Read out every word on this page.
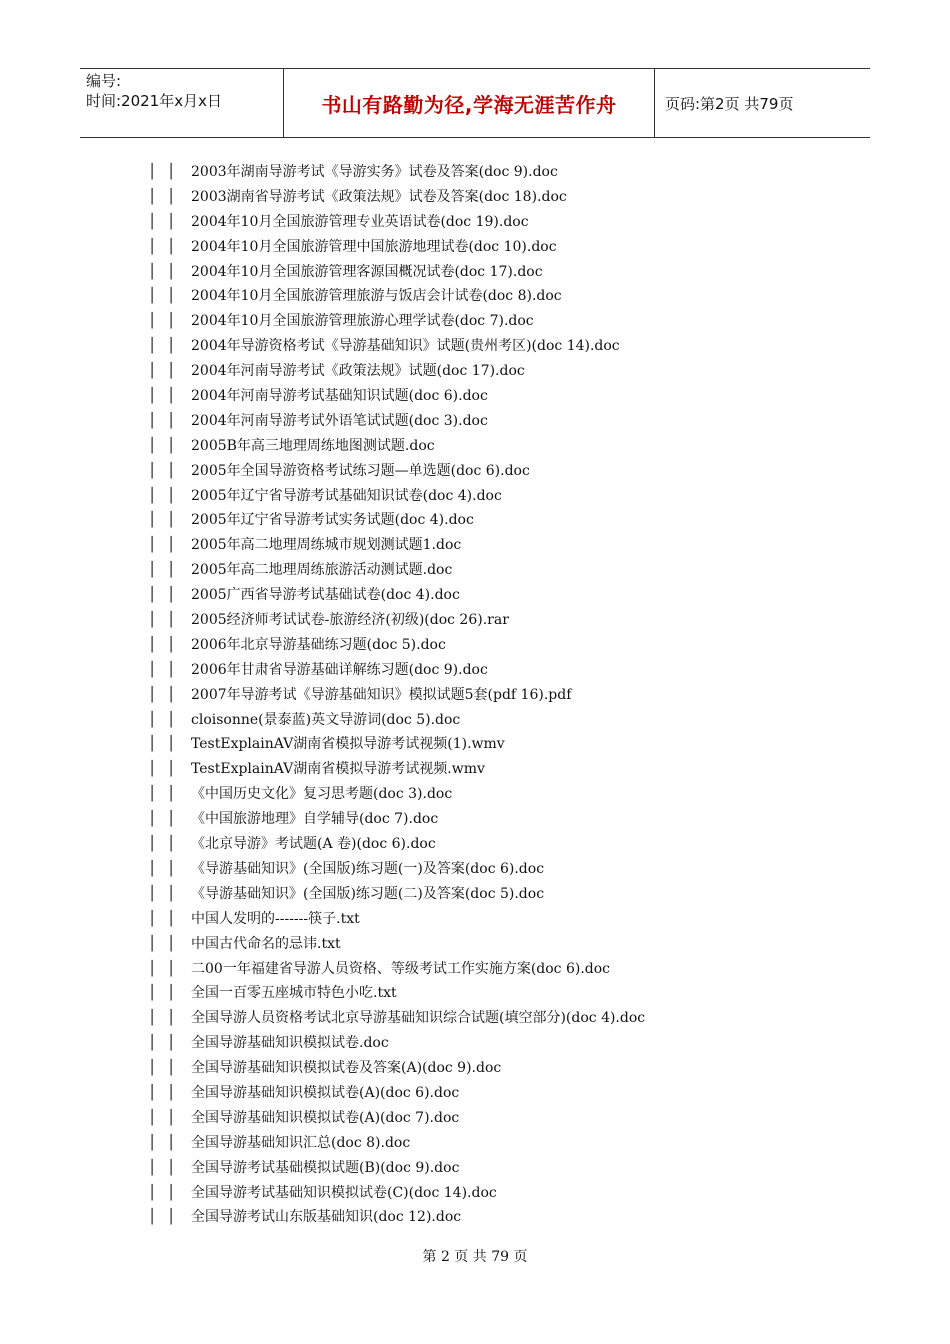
编号:
时间:2021年x月x日	书山有路勤为径,学海无涯苦作舟	页码:第2页 共79页
│ │ 2003年湖南导游考试《导游实务》试卷及答案(doc 9).doc
│ │ 2003湖南省导游考试《政策法规》试卷及答案(doc 18).doc
│ │ 2004年10月全国旅游管理专业英语试卷(doc 19).doc
│ │ 2004年10月全国旅游管理中国旅游地理试卷(doc 10).doc
│ │ 2004年10月全国旅游管理客源国概况试卷(doc 17).doc
│ │ 2004年10月全国旅游管理旅游与饭店会计试卷(doc 8).doc
│ │ 2004年10月全国旅游管理旅游心理学试卷(doc 7).doc
│ │ 2004年导游资格考试《导游基础知识》试题(贵州考区)(doc 14).doc
│ │ 2004年河南导游考试《政策法规》试题(doc 17).doc
│ │ 2004年河南导游考试基础知识试题(doc 6).doc
│ │ 2004年河南导游考试外语笔试试题(doc 3).doc
│ │ 2005B年高三地理周练地图测试题.doc
│ │ 2005年全国导游资格考试练习题—单选题(doc 6).doc
│ │ 2005年辽宁省导游考试基础知识试卷(doc 4).doc
│ │ 2005年辽宁省导游考试实务试题(doc 4).doc
│ │ 2005年高二地理周练城市规划测试题1.doc
│ │ 2005年高二地理周练旅游活动测试题.doc
│ │ 2005广西省导游考试基础试卷(doc 4).doc
│ │ 2005经济师考试试卷-旅游经济(初级)(doc 26).rar
│ │ 2006年北京导游基础练习题(doc 5).doc
│ │ 2006年甘肃省导游基础详解练习题(doc 9).doc
│ │ 2007年导游考试《导游基础知识》模拟试题5套(pdf 16).pdf
│ │ cloisonne(景泰蓝)英文导游词(doc 5).doc
│ │ TestExplainAV湖南省模拟导游考试视频(1).wmv
│ │ TestExplainAV湖南省模拟导游考试视频.wmv
│ │ 《中国历史文化》复习思考题(doc 3).doc
│ │ 《中国旅游地理》自学辅导(doc 7).doc
│ │ 《北京导游》考试题(A 卷)(doc 6).doc
│ │ 《导游基础知识》(全国版)练习题(一)及答案(doc 6).doc
│ │ 《导游基础知识》(全国版)练习题(二)及答案(doc 5).doc
│ │ 中国人发明的-------筷子.txt
│ │ 中国古代命名的忌讳.txt
│ │ 二00一年福建省导游人员资格、等级考试工作实施方案(doc 6).doc
│ │ 全国一百零五座城市特色小吃.txt
│ │ 全国导游人员资格考试北京导游基础知识综合试题(填空部分)(doc 4).doc
│ │ 全国导游基础知识模拟试卷.doc
│ │ 全国导游基础知识模拟试卷及答案(A)(doc 9).doc
│ │ 全国导游基础知识模拟试卷(A)(doc 6).doc
│ │ 全国导游基础知识模拟试卷(A)(doc 7).doc
│ │ 全国导游基础知识汇总(doc 8).doc
│ │ 全国导游考试基础模拟试题(B)(doc 9).doc
│ │ 全国导游考试基础知识模拟试卷(C)(doc 14).doc
│ │ 全国导游考试山东版基础知识(doc 12).doc
第 2 页 共 79 页
